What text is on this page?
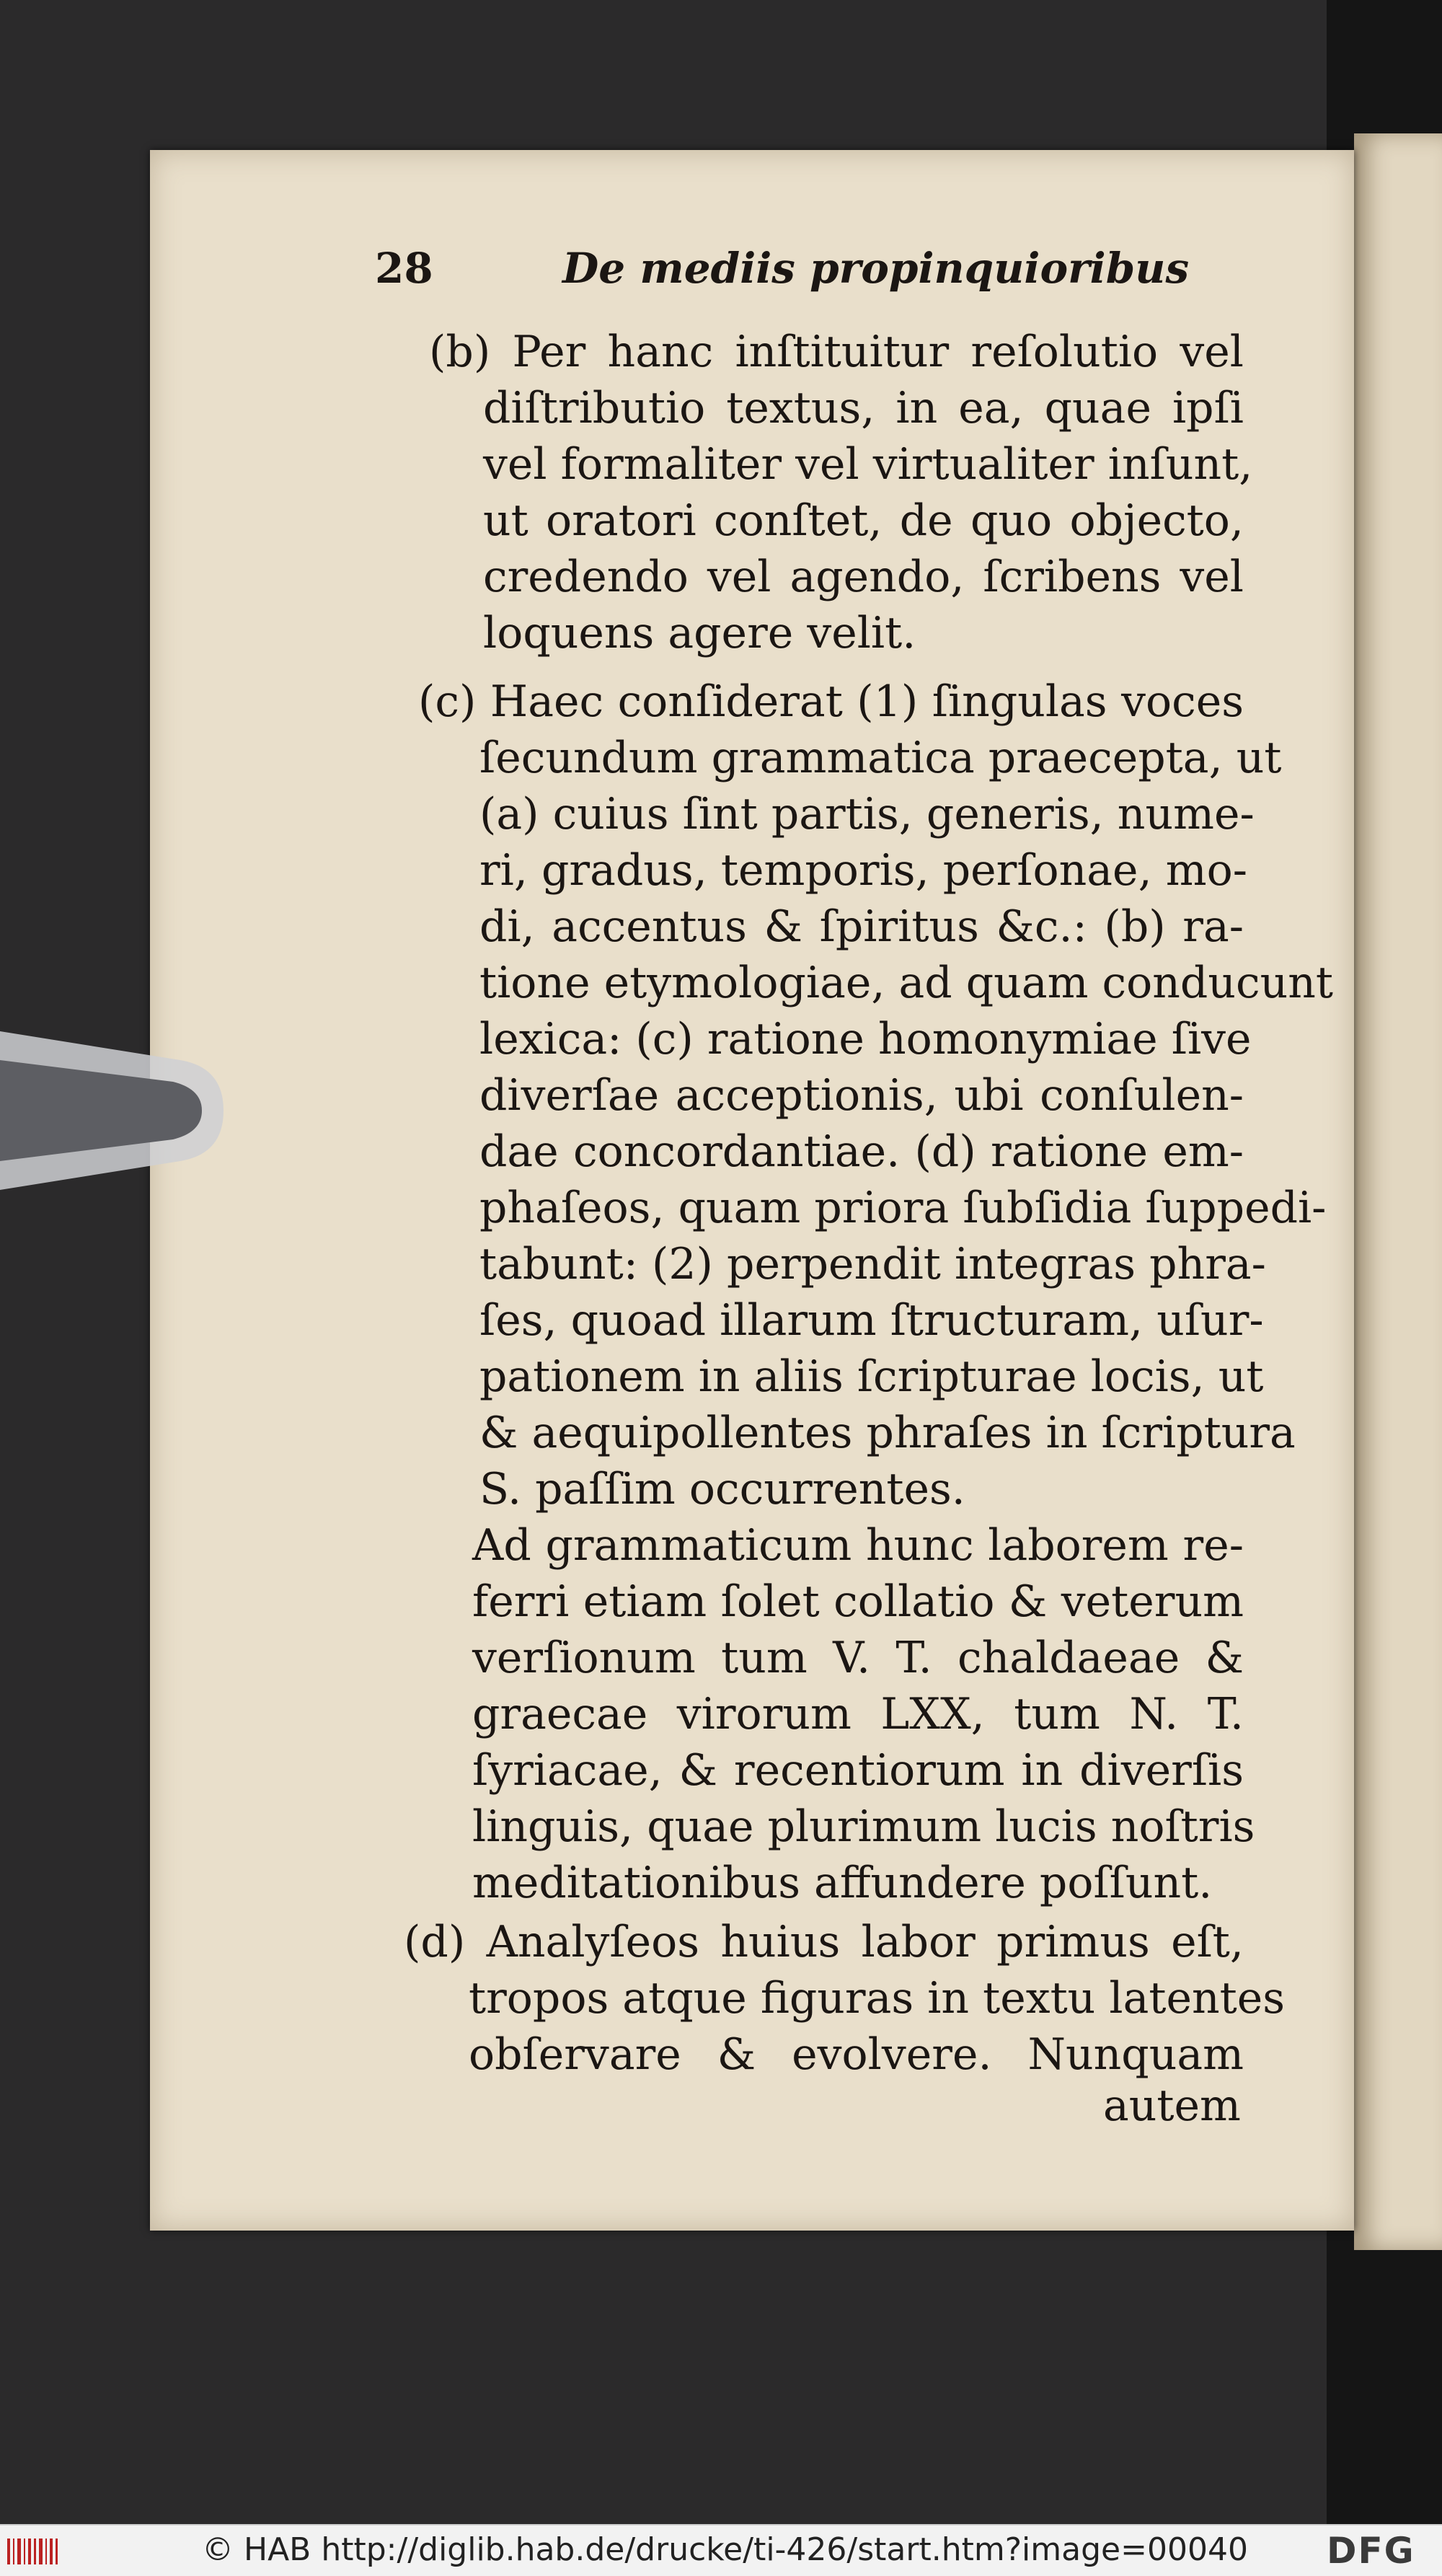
28	De mediis propinquioribus
(b) Per hanc inſtituitur reſolutio vel
diſtributio textus, in ea, quae ipſi
vel formaliter vel virtualiter inſunt,
ut oratori conſtet, de quo objecto,
credendo vel agendo, ſcribens vel
loquens agere velit.
(c) Haec conſiderat (1) ſingulas voces
ſecundum grammatica praecepta, ut
(a) cuius ſint partis, generis, nume-
ri, gradus, temporis, perſonae, mo-
di, accentus & ſpiritus &c.: (b) ra-
tione etymologiae, ad quam conducunt
lexica: (c) ratione homonymiae ſive
diverſae acceptionis, ubi conſulen-
dae concordantiae. (d) ratione em-
phaſeos, quam priora ſubſidia ſuppedi-
tabunt: (2) perpendit integras phra-
ſes, quoad illarum ſtructuram, uſur-
pationem in aliis ſcripturae locis, ut
& aequipollentes phraſes in ſcriptura
S. paſſim occurrentes.
Ad grammaticum hunc laborem re-
ferri etiam ſolet collatio & veterum
verſionum tum V. T. chaldaeae &
graecae virorum LXX, tum N. T.
ſyriacae, & recentiorum in diverſis
linguis, quae plurimum lucis noſtris
meditationibus affundere poſſunt.
(d) Analyſeos huius labor primus eſt,
tropos atque figuras in textu latentes
obſervare & evolvere. Nunquam
autem
© HAB http://diglib.hab.de/drucke/ti-426/start.htm?image=00040 DFG
